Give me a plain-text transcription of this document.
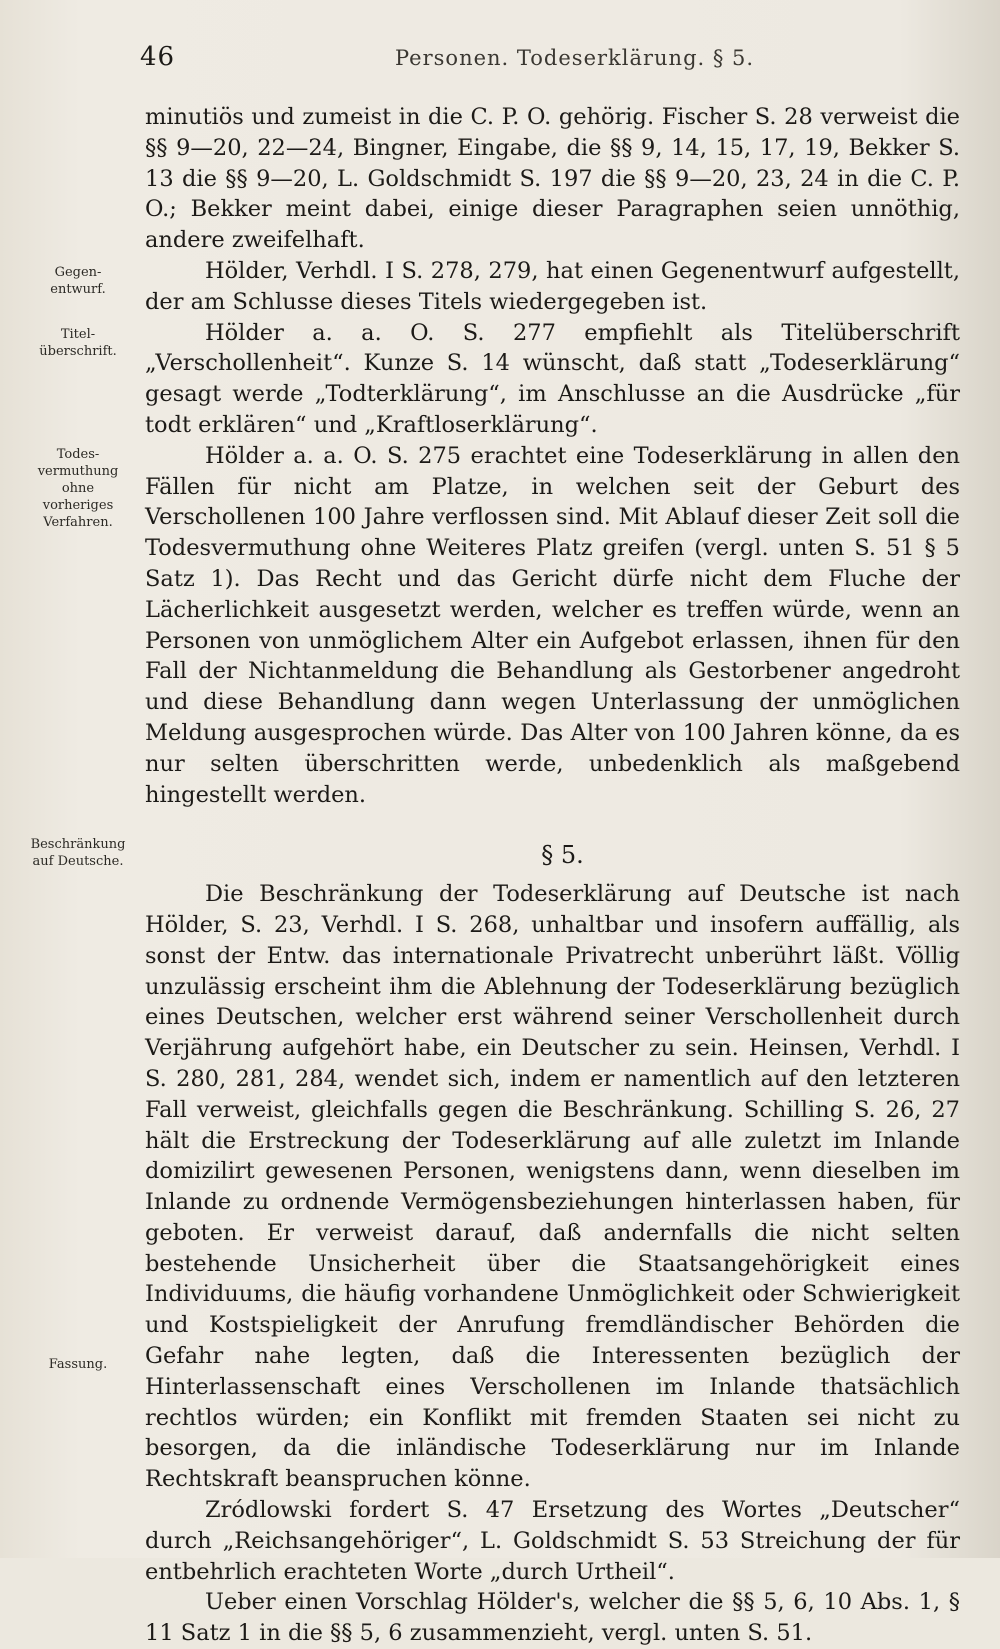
46	Personen. Todeserklärung. § 5.
Gegen-
entwurf.
Titel-
überschrift.
Todes-
vermuthung
ohne
vorheriges
Verfahren.
Beschränkung
auf Deutsche.
Fassung.

minutiös und zumeist in die C. P. O. gehörig. Fischer S. 28 verweist die §§ 9—20, 22—24, Bingner, Eingabe, die §§ 9, 14, 15, 17, 19, Bekker S. 13 die §§ 9—20, L. Goldschmidt S. 197 die §§ 9—20, 23, 24 in die C. P. O.; Bekker meint dabei, einige dieser Paragraphen seien unnöthig, andere zweifelhaft.

Hölder, Verhdl. I S. 278, 279, hat einen Gegenentwurf aufgestellt, der am Schlusse dieses Titels wiedergegeben ist.

Hölder a. a. O. S. 277 empfiehlt als Titelüberschrift „Verschollenheit“. Kunze S. 14 wünscht, daß statt „Todeserklärung“ gesagt werde „Todterklärung“, im Anschlusse an die Ausdrücke „für todt erklären“ und „Kraftloserklärung“.

Hölder a. a. O. S. 275 erachtet eine Todeserklärung in allen den Fällen für nicht am Platze, in welchen seit der Geburt des Verschollenen 100 Jahre verflossen sind. Mit Ablauf dieser Zeit soll die Todesvermuthung ohne Weiteres Platz greifen (vergl. unten S. 51 § 5 Satz 1). Das Recht und das Gericht dürfe nicht dem Fluche der Lächerlichkeit ausgesetzt werden, welcher es treffen würde, wenn an Personen von unmöglichem Alter ein Aufgebot erlassen, ihnen für den Fall der Nichtanmeldung die Behandlung als Gestorbener angedroht und diese Behandlung dann wegen Unterlassung der unmöglichen Meldung ausgesprochen würde. Das Alter von 100 Jahren könne, da es nur selten überschritten werde, unbedenklich als maßgebend hingestellt werden.

§ 5.

Die Beschränkung der Todeserklärung auf Deutsche ist nach Hölder, S. 23, Verhdl. I S. 268, unhaltbar und insofern auffällig, als sonst der Entw. das internationale Privatrecht unberührt läßt. Völlig unzulässig erscheint ihm die Ablehnung der Todeserklärung bezüglich eines Deutschen, welcher erst während seiner Verschollenheit durch Verjährung aufgehört habe, ein Deutscher zu sein. Heinsen, Verhdl. I S. 280, 281, 284, wendet sich, indem er namentlich auf den letzteren Fall verweist, gleichfalls gegen die Beschränkung. Schilling S. 26, 27 hält die Erstreckung der Todeserklärung auf alle zuletzt im Inlande domizilirt gewesenen Personen, wenigstens dann, wenn dieselben im Inlande zu ordnende Vermögensbeziehungen hinterlassen haben, für geboten. Er verweist darauf, daß andernfalls die nicht selten bestehende Unsicherheit über die Staatsangehörigkeit eines Individuums, die häufig vorhandene Unmöglichkeit oder Schwierigkeit und Kostspieligkeit der Anrufung fremdländischer Behörden die Gefahr nahe legten, daß die Interessenten bezüglich der Hinterlassenschaft eines Verschollenen im Inlande thatsächlich rechtlos würden; ein Konflikt mit fremden Staaten sei nicht zu besorgen, da die inländische Todeserklärung nur im Inlande Rechtskraft beanspruchen könne.

Zródlowski fordert S. 47 Ersetzung des Wortes „Deutscher“ durch „Reichsangehöriger“, L. Goldschmidt S. 53 Streichung der für entbehrlich erachteten Worte „durch Urtheil“.

Ueber einen Vorschlag Hölder's, welcher die §§ 5, 6, 10 Abs. 1, § 11 Satz 1 in die §§ 5, 6 zusammenzieht, vergl. unten S. 51.
